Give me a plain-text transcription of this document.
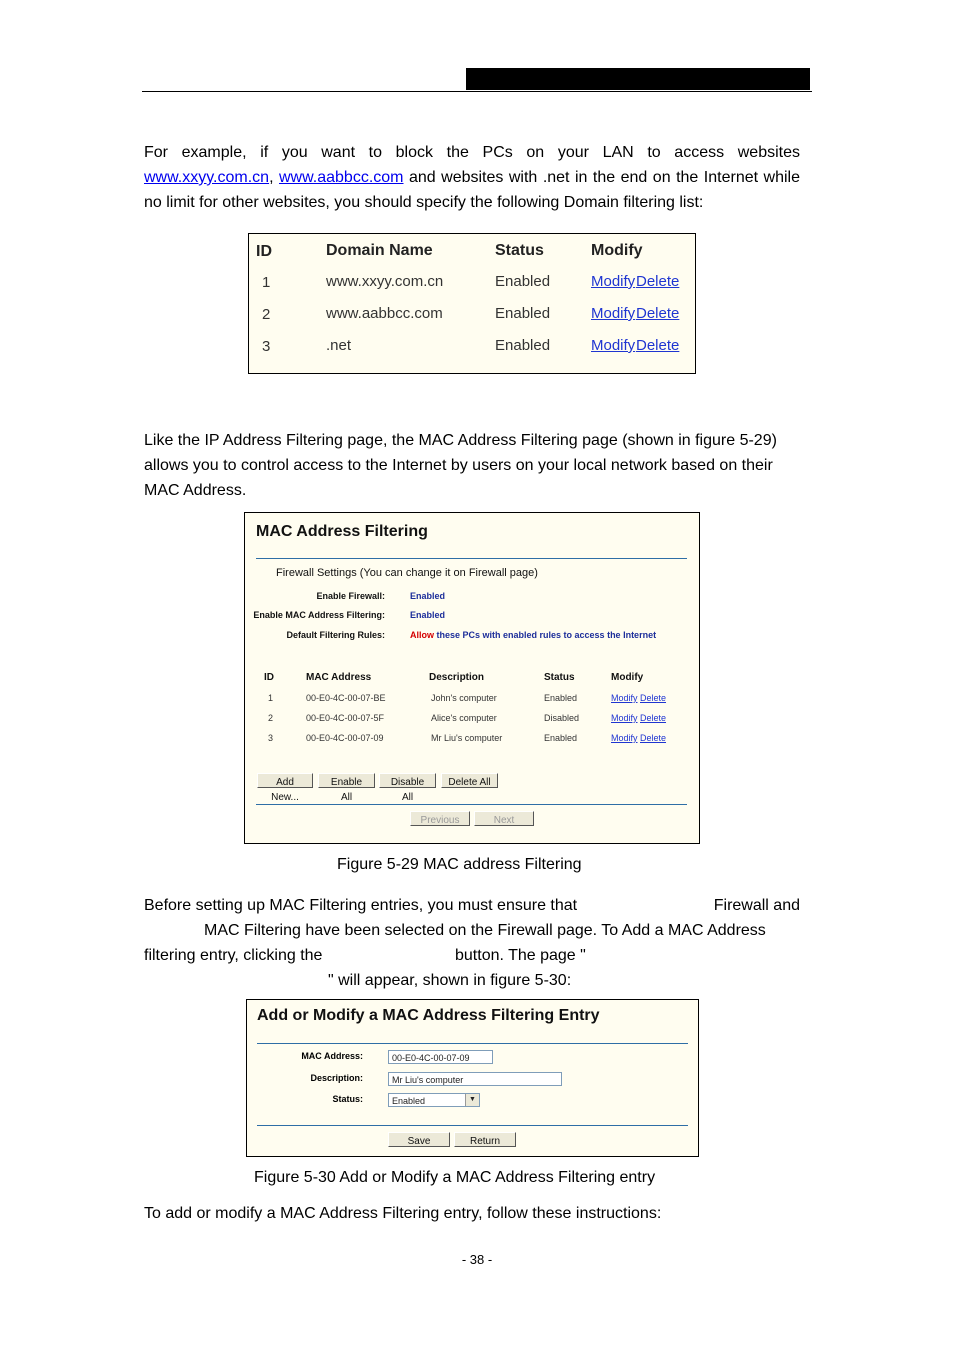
For example, if you want to block the PCs on your LAN to access websites www.xxyy.com.cn, www.aabbcc.com and websites with .net in the end on the Internet while no limit for other websites, you should specify the following Domain filtering list:

ID	Domain Name	Status	Modify
1	www.xxyy.com.cn	Enabled	Modify Delete
2	www.aabbcc.com	Enabled	Modify Delete
3	.net	Enabled	Modify Delete

Like the IP Address Filtering page, the MAC Address Filtering page (shown in figure 5-29) allows you to control access to the Internet by users on your local network based on their MAC Address.

MAC Address Filtering
Firewall Settings (You can change it on Firewall page)
Enable Firewall:	Enabled
Enable MAC Address Filtering:	Enabled
Default Filtering Rules:	Allow these PCs with enabled rules to access the Internet
ID	MAC Address	Description	Status	Modify
1	00-E0-4C-00-07-BE	John's computer	Enabled	Modify Delete
2	00-E0-4C-00-07-5F	Alice's computer	Disabled	Modify Delete
3	00-E0-4C-00-07-09	Mr Liu's computer	Enabled	Modify Delete
Add New...
Enable All
Disable All
Delete All
Previous	Next
Figure 5-29 MAC address Filtering
Before setting up MAC Filtering entries, you must ensure that	Firewall and
MAC Filtering have been selected on the Firewall page. To Add a MAC Address
filtering entry, clicking the	button. The page "
" will appear, shown in figure 5-30:
Add or Modify a MAC Address Filtering Entry
MAC Address:	00-E0-4C-00-07-09
Description:	Mr Liu's computer
Status:	Enabled	▼
Save	Return
Figure 5-30 Add or Modify a MAC Address Filtering entry
To add or modify a MAC Address Filtering entry, follow these instructions:
- 38 -
